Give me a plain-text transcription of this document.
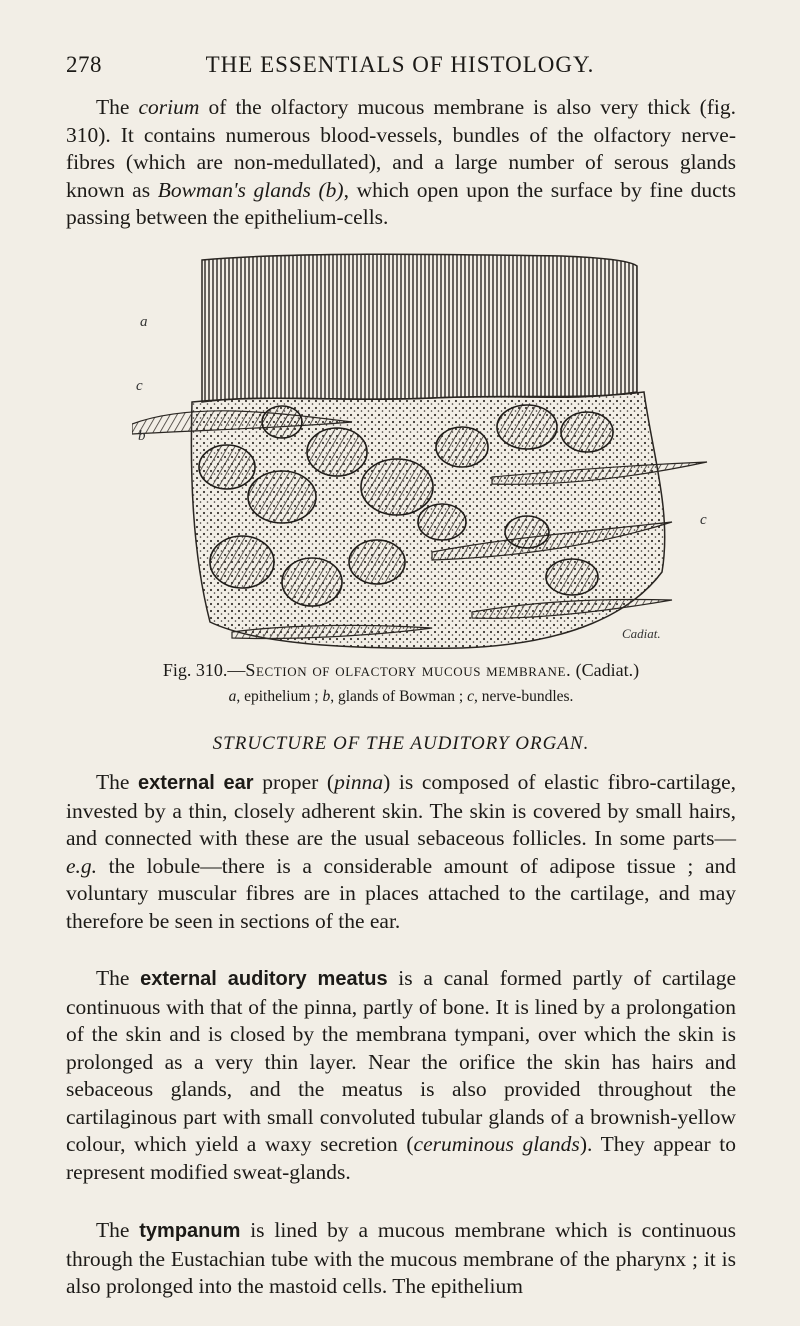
278	THE ESSENTIALS OF HISTOLOGY.

The corium of the olfactory mucous membrane is also very thick (fig. 310). It contains numerous blood-vessels, bundles of the olfactory nerve-fibres (which are non-medullated), and a large number of serous glands known as Bowman's glands (b), which open upon the surface by fine ducts passing between the epithelium-cells.

a
c
b
c
Cadiat.
Fig. 310.—Section of olfactory mucous membrane. (Cadiat.)
a, epithelium ; b, glands of Bowman ; c, nerve-bundles.
STRUCTURE OF THE AUDITORY ORGAN.

The external ear proper (pinna) is composed of elastic fibro-cartilage, invested by a thin, closely adherent skin. The skin is covered by small hairs, and connected with these are the usual sebaceous follicles. In some parts—e.g. the lobule—there is a considerable amount of adipose tissue ; and voluntary muscular fibres are in places attached to the cartilage, and may therefore be seen in sections of the ear.

The external auditory meatus is a canal formed partly of cartilage continuous with that of the pinna, partly of bone. It is lined by a prolongation of the skin and is closed by the membrana tympani, over which the skin is prolonged as a very thin layer. Near the orifice the skin has hairs and sebaceous glands, and the meatus is also provided throughout the cartilaginous part with small convoluted tubular glands of a brownish-yellow colour, which yield a waxy secretion (ceruminous glands). They appear to represent modified sweat-glands.

The tympanum is lined by a mucous membrane which is continuous through the Eustachian tube with the mucous membrane of the pharynx ; it is also prolonged into the mastoid cells. The epithelium
